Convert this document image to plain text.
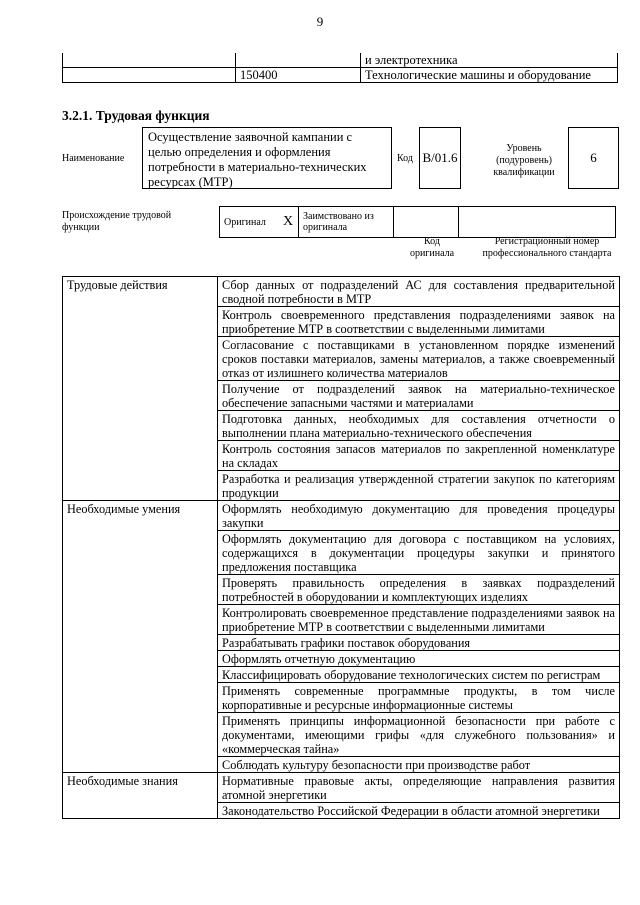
9
		и электротехника
	150400	Технологические машины и оборудование
3.2.1. Трудовая функция
Наименование
Осуществление заявочной кампании с целью определения и оформления потребности в материально-технических ресурсах (МТР)
Код В/01.6
Уровень (подуровень) квалификации
6
Происхождение трудовой функции	Оригинал	X	Заимствовано из оригинала		
Код оригинала
Регистрационный номер профессионального стандарта
Трудовые действия	Сбор данных от подразделений АС для составления предварительной сводной потребности в МТР
	Контроль своевременного представления подразделениями заявок на приобретение МТР в соответствии с выделенными лимитами
	Согласование с поставщиками в установленном порядке изменений сроков поставки материалов, замены материалов, а также своевременный отказ от излишнего количества материалов
	Получение от подразделений заявок на материально-техническое обеспечение запасными частями и материалами
	Подготовка данных, необходимых для составления отчетности о выполнении плана материально-технического обеспечения
	Контроль состояния запасов материалов по закрепленной номенклатуре на складах
	Разработка и реализация утвержденной стратегии закупок по категориям продукции
Необходимые умения	Оформлять необходимую документацию для проведения процедуры закупки
	Оформлять документацию для договора с поставщиком на условиях, содержащихся в документации процедуры закупки и принятого предложения поставщика
	Проверять правильность определения в заявках подразделений потребностей в оборудовании и комплектующих изделиях
	Контролировать своевременное представление подразделениями заявок на приобретение МТР в соответствии с выделенными лимитами
	Разрабатывать графики поставок оборудования
	Оформлять отчетную документацию
	Классифицировать оборудование технологических систем по регистрам
	Применять современные программные продукты, в том числе корпоративные и ресурсные информационные системы
	Применять принципы информационной безопасности при работе с документами, имеющими грифы «для служебного пользования» и «коммерческая тайна»
	Соблюдать культуру безопасности при производстве работ
Необходимые знания	Нормативные правовые акты, определяющие направления развития атомной энергетики
	Законодательство Российской Федерации в области атомной энергетики
